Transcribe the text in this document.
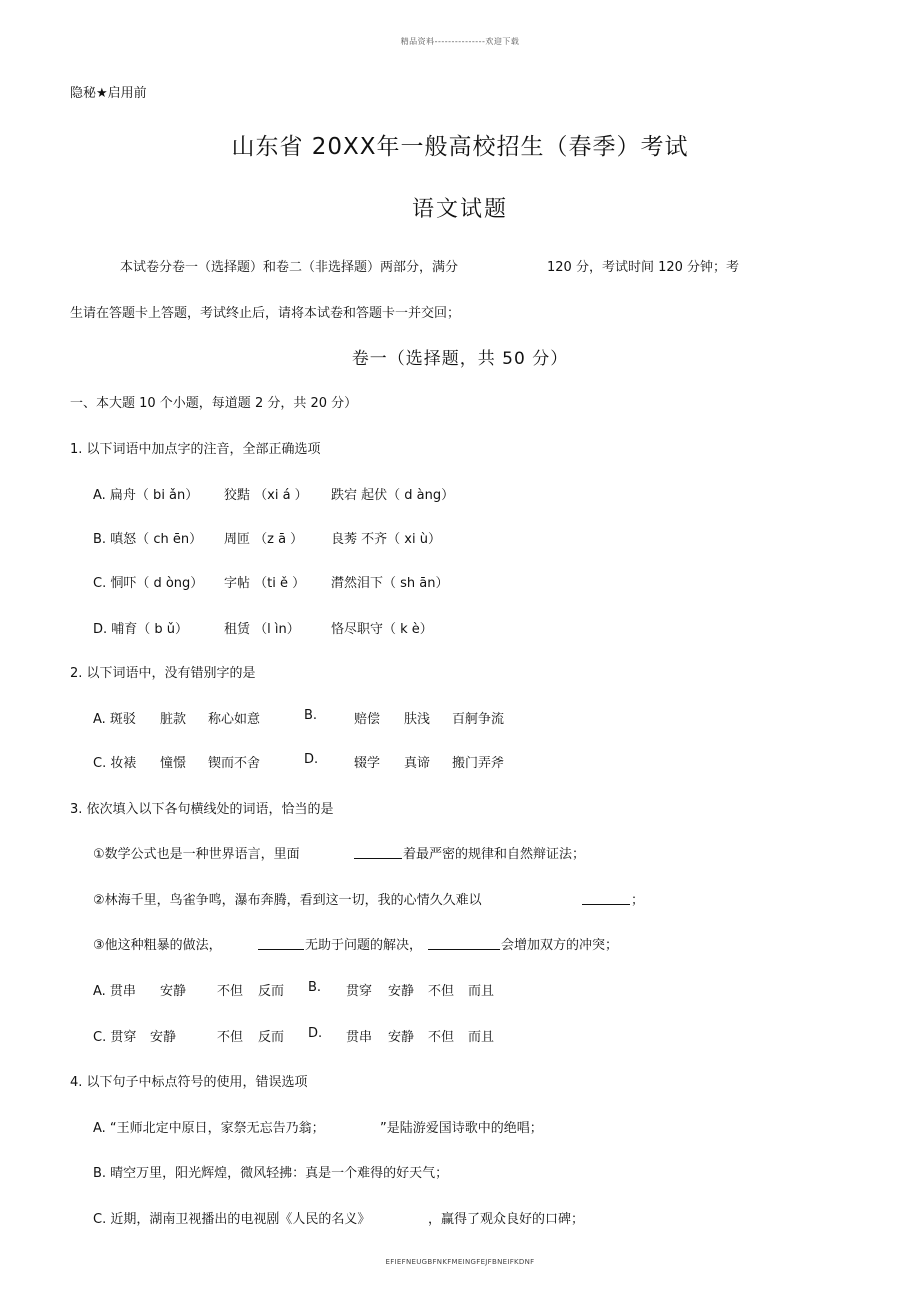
精品资料---------------欢迎下载
隐秘★启用前
山东省 20XX年一般高校招生（春季）考试
语文试题
本试卷分卷一（选择题）和卷二（非选择题）两部分，满分	120 分，考试时间 120 分钟；考
生请在答题卡上答题，考试终止后，请将本试卷和答题卡一并交回；
卷一（选择题，共 50 分）
一、本大题 10 个小题，每道题 2 分，共 20 分）
1. 以下词语中加点字的注音，全部正确选项
A. 扁舟（ bi ǎn） 狡黠 （xi á ） 跌宕 起伏（ d àng）
B. 嗔怒（ ch ēn） 周匝 （z ā ） 良莠 不齐（ xi ù）
C. 恫吓（ d òng） 字帖 （ti ě ） 潸然泪下（ sh ān）
D. 哺育（ b ǔ）	租赁 （l ìn） 恪尽职守（ k è）
2. 以下词语中，没有错别字的是
A. 斑驳 脏款 称心如意	B.	赔偿 肤浅 百舸争流
C. 妆裱 憧憬 锲而不舍	D.	辍学 真谛 搬门弄斧
3. 依次填入以下各句横线处的词语，恰当的是
①数学公式也是一种世界语言，里面	着最严密的规律和自然辩证法；
②林海千里，鸟雀争鸣，瀑布奔腾，看到这一切，我的心情久久难以	；
③他这种粗暴的做法，	无助于问题的解决，	会增加双方的冲突；
A. 贯串 安静 不但 反而 B. 贯穿 安静 不但 而且
C. 贯穿 安静	不但 反而 D. 贯串 安静 不但 而且
4. 以下句子中标点符号的使用，错误选项
A. “王师北定中原日，家祭无忘告乃翁；	”是陆游爱国诗歌中的绝唱；
B. 晴空万里，阳光辉煌，微风轻拂：真是一个难得的好天气；
C. 近期，湖南卫视播出的电视剧《人民的名义》	，赢得了观众良好的口碑；
EFIEFNEUGBFNKFMEINGFEJFBNEIFKDNF
